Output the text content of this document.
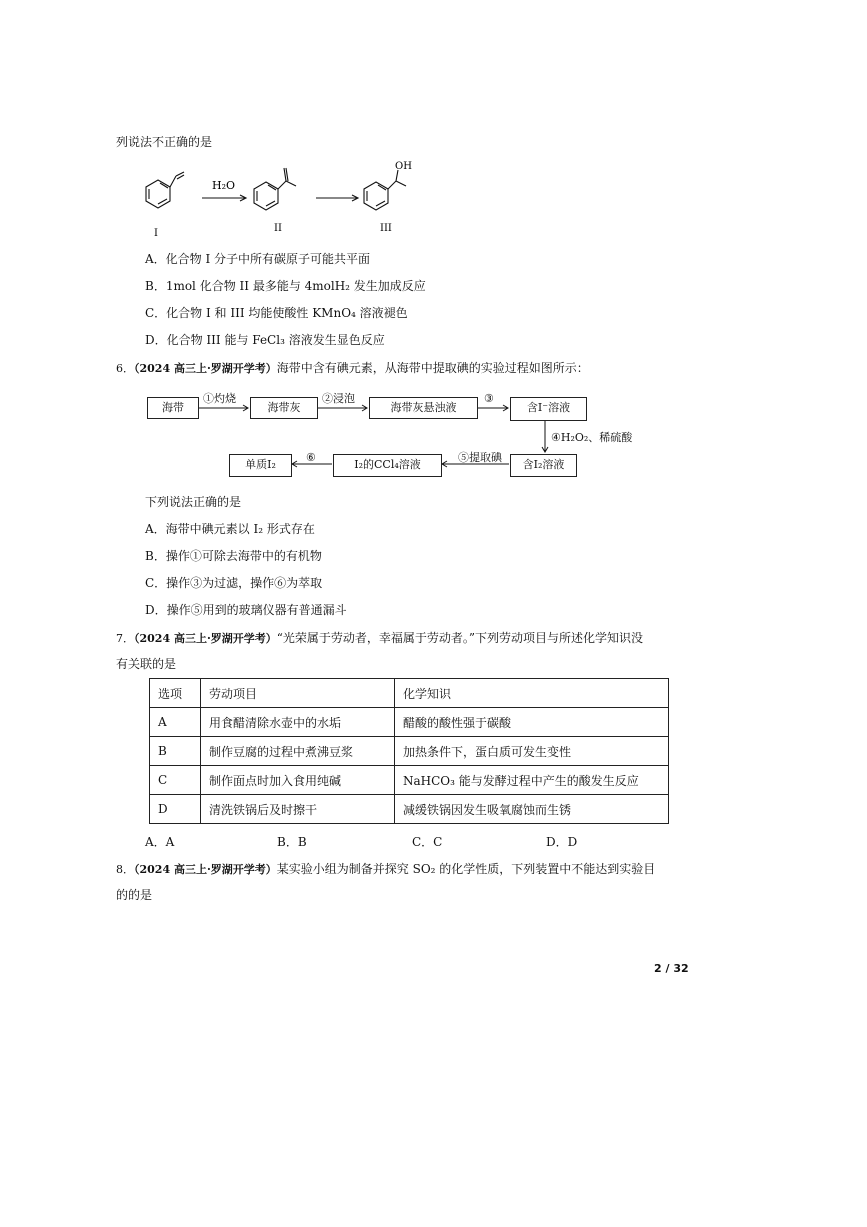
列说法不正确的是
H₂O
OH
I	II	III
A．化合物 I 分子中所有碳原子可能共平面
B．1mol 化合物 II 最多能与 4molH₂ 发生加成反应
C．化合物 I 和 III 均能使酸性 KMnO₄ 溶液褪色
D．化合物 III 能与 FeCl₃ 溶液发生显色反应
6．（2024 高三上·罗湖开学考）海带中含有碘元素，从海带中提取碘的实验过程如图所示：
海带	海带灰	海带灰悬浊液	含I⁻溶液
含I₂溶液
I₂的CCl₄溶液
单质I₂
①灼烧	②浸泡	③
④H₂O₂、稀硫酸
⑤提取碘
⑥
下列说法正确的是
A．海带中碘元素以 I₂ 形式存在
B．操作①可除去海带中的有机物
C．操作③为过滤，操作⑥为萃取
D．操作⑤用到的玻璃仪器有普通漏斗
7．（2024 高三上·罗湖开学考）“光荣属于劳动者，幸福属于劳动者。”下列劳动项目与所述化学知识没
有关联的是
选项	劳动项目	化学知识
A	用食醋清除水壶中的水垢	醋酸的酸性强于碳酸
B	制作豆腐的过程中煮沸豆浆	加热条件下，蛋白质可发生变性
C	制作面点时加入食用纯碱	NaHCO₃ 能与发酵过程中产生的酸发生反应
D	清洗铁锅后及时擦干	减缓铁锅因发生吸氧腐蚀而生锈
A．A	B．B	C．C	D．D
8．（2024 高三上·罗湖开学考）某实验小组为制备并探究 SO₂ 的化学性质，下列装置中不能达到实验目
的的是
2 / 32
